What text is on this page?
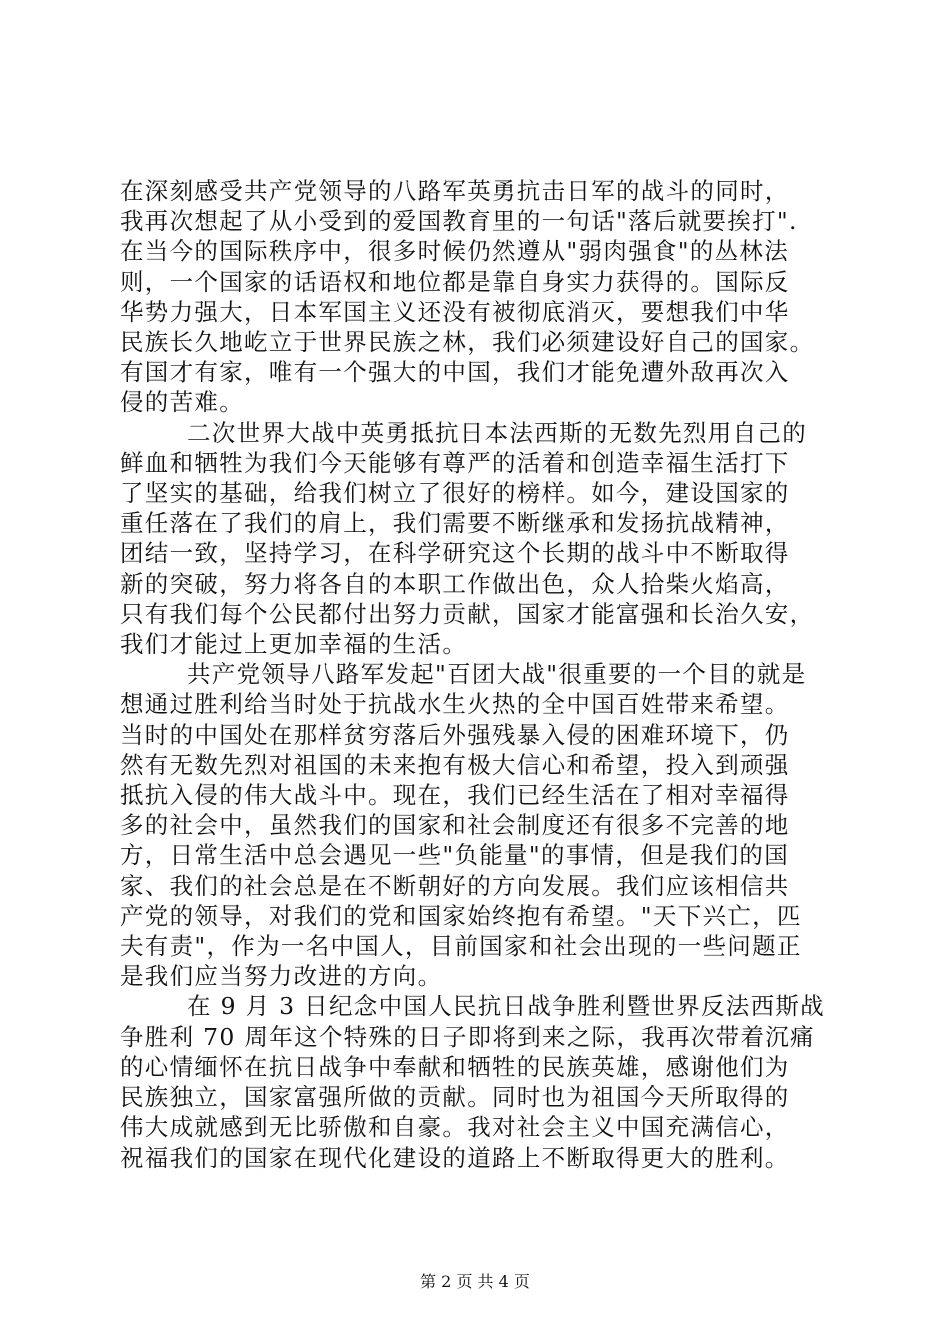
在深刻感受共产党领导的八路军英勇抗击日军的战斗的同时，
我再次想起了从小受到的爱国教育里的一句话"落后就要挨打".
在当今的国际秩序中，很多时候仍然遵从"弱肉强食"的丛林法
则，一个国家的话语权和地位都是靠自身实力获得的。国际反
华势力强大，日本军国主义还没有被彻底消灭，要想我们中华
民族长久地屹立于世界民族之林，我们必须建设好自己的国家。
有国才有家，唯有一个强大的中国，我们才能免遭外敌再次入
侵的苦难。

二次世界大战中英勇抵抗日本法西斯的无数先烈用自己的
鲜血和牺牲为我们今天能够有尊严的活着和创造幸福生活打下
了坚实的基础，给我们树立了很好的榜样。如今，建设国家的
重任落在了我们的肩上，我们需要不断继承和发扬抗战精神，
团结一致，坚持学习，在科学研究这个长期的战斗中不断取得
新的突破，努力将各自的本职工作做出色，众人拾柴火焰高，
只有我们每个公民都付出努力贡献，国家才能富强和长治久安，
我们才能过上更加幸福的生活。

共产党领导八路军发起"百团大战"很重要的一个目的就是
想通过胜利给当时处于抗战水生火热的全中国百姓带来希望。
当时的中国处在那样贫穷落后外强残暴入侵的困难环境下，仍
然有无数先烈对祖国的未来抱有极大信心和希望，投入到顽强
抵抗入侵的伟大战斗中。现在，我们已经生活在了相对幸福得
多的社会中，虽然我们的国家和社会制度还有很多不完善的地
方，日常生活中总会遇见一些"负能量"的事情，但是我们的国
家、我们的社会总是在不断朝好的方向发展。我们应该相信共
产党的领导，对我们的党和国家始终抱有希望。"天下兴亡，匹
夫有责"，作为一名中国人，目前国家和社会出现的一些问题正
是我们应当努力改进的方向。

在 9 月 3 日纪念中国人民抗日战争胜利暨世界反法西斯战
争胜利 70 周年这个特殊的日子即将到来之际，我再次带着沉痛
的心情缅怀在抗日战争中奉献和牺牲的民族英雄，感谢他们为
民族独立，国家富强所做的贡献。同时也为祖国今天所取得的
伟大成就感到无比骄傲和自豪。我对社会主义中国充满信心，
祝福我们的国家在现代化建设的道路上不断取得更大的胜利。

第 2 页 共 4 页
